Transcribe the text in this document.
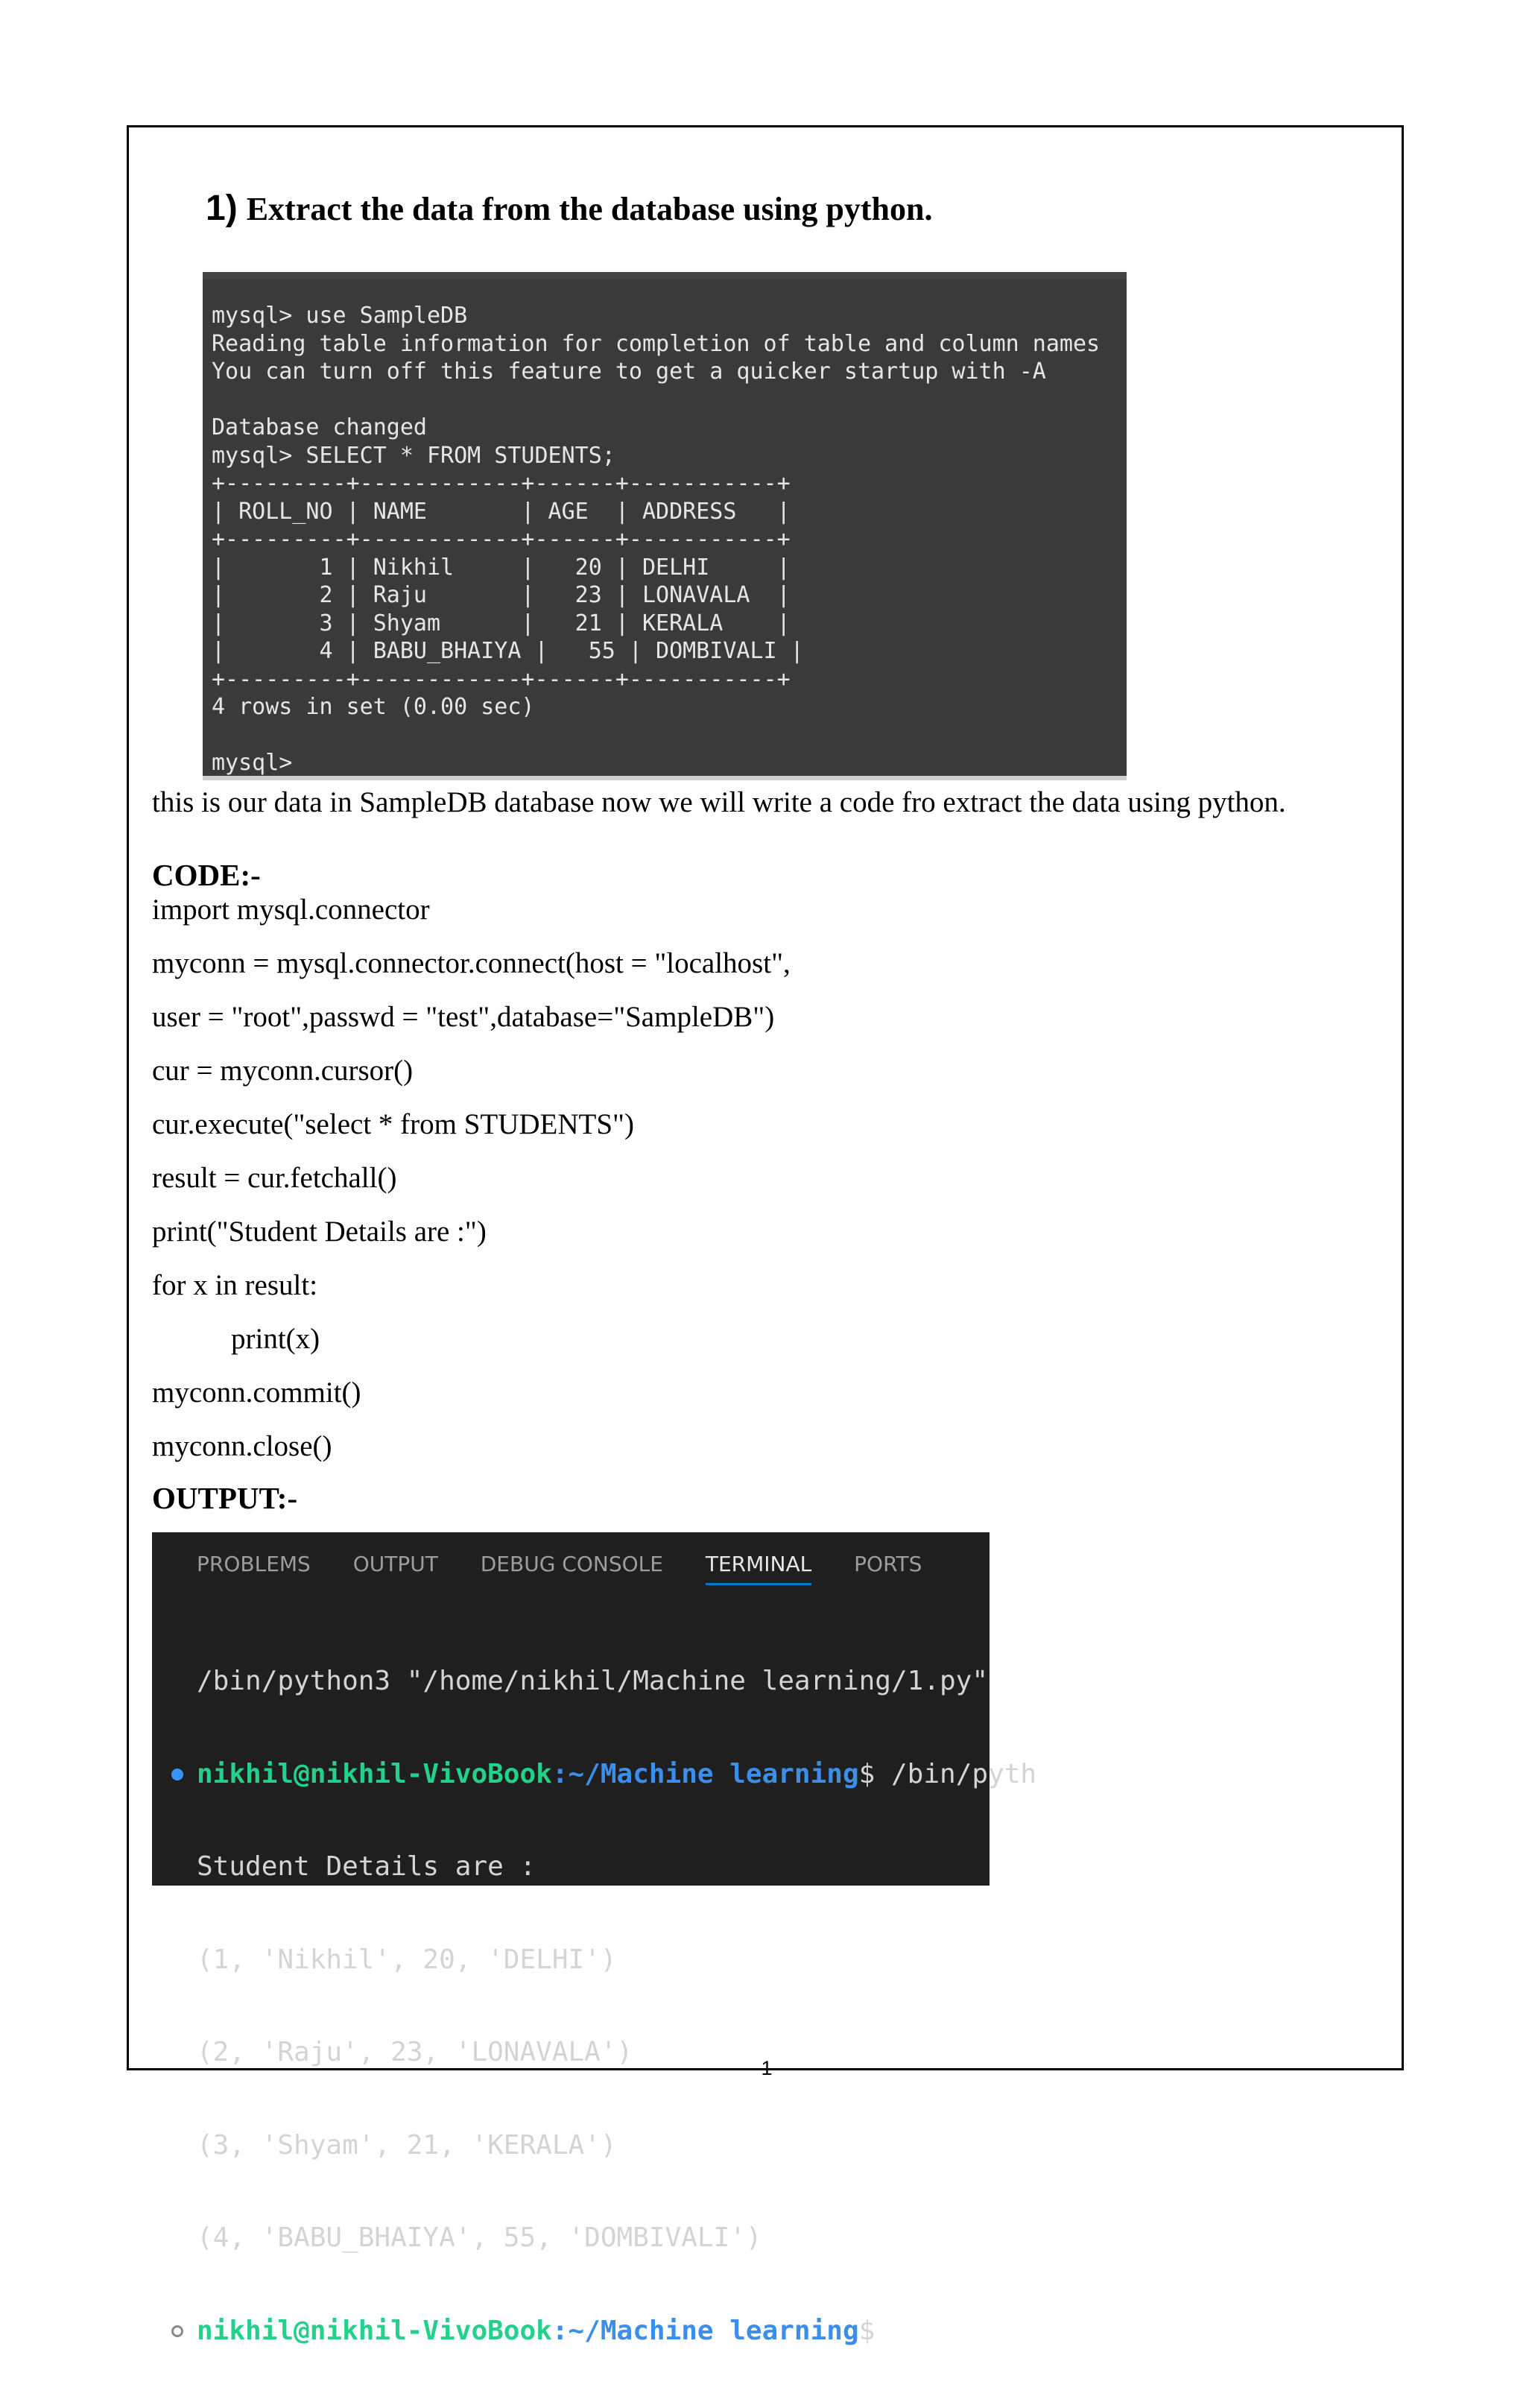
1) Extract the data from the database using python.
mysql> use SampleDB
Reading table information for completion of table and column names
You can turn off this feature to get a quicker startup with -A

Database changed
mysql> SELECT * FROM STUDENTS;
+---------+------------+------+-----------+
| ROLL_NO | NAME       | AGE  | ADDRESS   |
+---------+------------+------+-----------+
|       1 | Nikhil     |   20 | DELHI     |
|       2 | Raju       |   23 | LONAVALA  |
|       3 | Shyam      |   21 | KERALA    |
|       4 | BABU_BHAIYA |   55 | DOMBIVALI |
+---------+------------+------+-----------+
4 rows in set (0.00 sec)

mysql>
this is our data in SampleDB database now we will write a code fro extract the data using python.
CODE:-
import mysql.connector
myconn = mysql.connector.connect(host = "localhost",
user = "root",passwd = "test",database="SampleDB")
cur = myconn.cursor()
cur.execute("select * from STUDENTS")
result = cur.fetchall()
print("Student Details are :")
for x in result:
print(x)
myconn.commit()
myconn.close()
OUTPUT:-
PROBLEMS OUTPUT DEBUG CONSOLE TERMINAL PORTS

/bin/python3 "/home/nikhil/Machine learning/1.py"

nikhil@nikhil-VivoBook:~/Machine learning$ /bin/pyth

Student Details are :

(1, 'Nikhil', 20, 'DELHI')

(2, 'Raju', 23, 'LONAVALA')

(3, 'Shyam', 21, 'KERALA')

(4, 'BABU_BHAIYA', 55, 'DOMBIVALI')

nikhil@nikhil-VivoBook:~/Machine learning$

1
